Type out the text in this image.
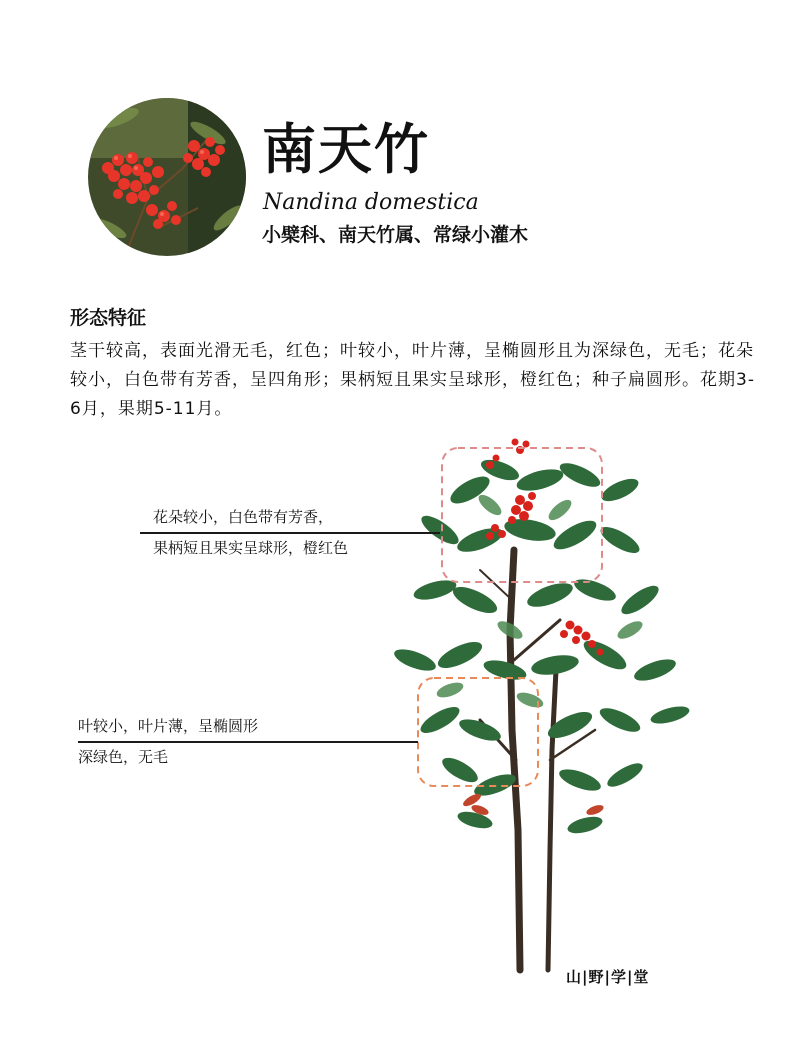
南天竹
Nandina domestica
小檗科、南天竹属、常绿小灌木
形态特征

茎干较高，表面光滑无毛，红色；叶较小，叶片薄，呈椭圆形且为深绿色，无毛；花朵较小，白色带有芳香，呈四角形；果柄短且果实呈球形，橙红色；种子扁圆形。花期3-6月，果期5-11月。

花朵较小，白色带有芳香，
果柄短且果实呈球形，橙红色
叶较小，叶片薄，呈椭圆形
深绿色，无毛
山|野|学|堂
